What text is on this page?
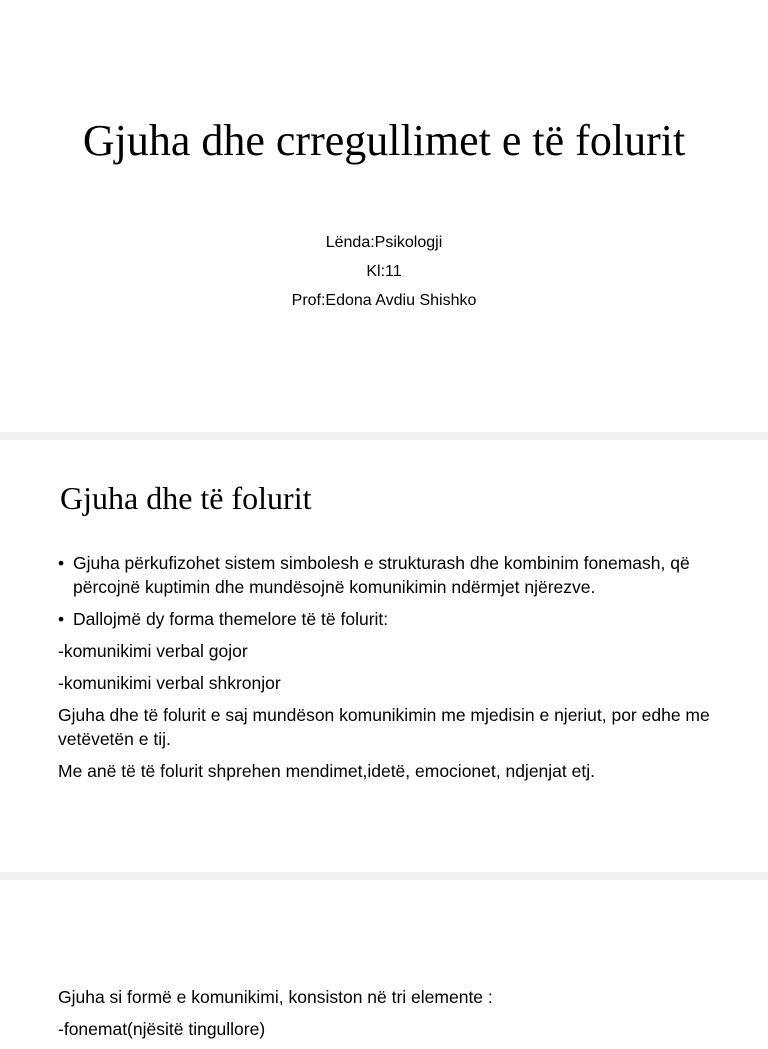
Gjuha dhe crregullimet e të folurit
Lënda:Psikologji
Kl:11
Prof:Edona Avdiu Shishko
Gjuha dhe të folurit
• Gjuha përkufizohet sistem simbolesh e strukturash dhe kombinim fonemash, që përcojnë kuptimin dhe mundësojnë komunikimin ndërmjet njërezve.
• Dallojmë dy forma themelore të të folurit:
-komunikimi verbal gojor
-komunikimi verbal shkronjor
Gjuha dhe të folurit e saj mundëson komunikimin me mjedisin e njeriut, por edhe me vetëvetën e tij.
Me anë të të folurit shprehen mendimet,idetë, emocionet, ndjenjat etj.
Gjuha si formë e komunikimi, konsiston në tri elemente :
-fonemat(njësitë tingullore)
